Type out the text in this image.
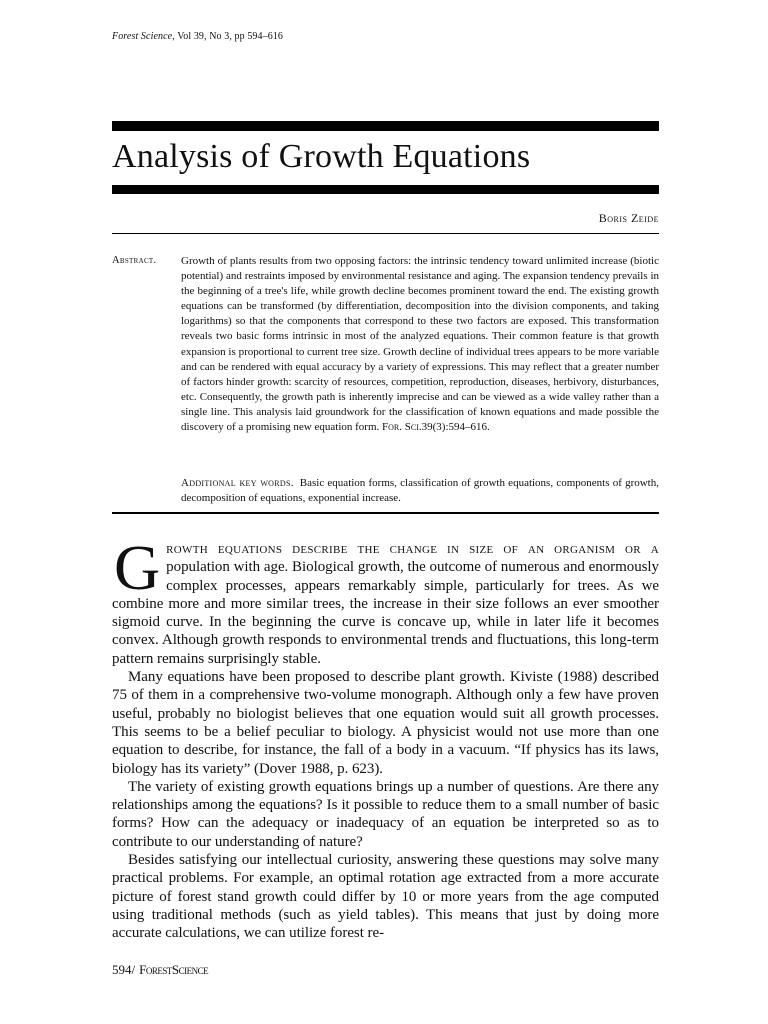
Forest Science, Vol 39, No 3, pp 594–616
Analysis of Growth Equations
Boris Zeide
Abstract. Growth of plants results from two opposing factors: the intrinsic tendency toward unlimited increase (biotic potential) and restraints imposed by environmental resistance and aging. The expansion tendency prevails in the beginning of a tree's life, while growth decline becomes prominent toward the end. The existing growth equations can be transformed (by differentiation, decomposition into the division components, and taking logarithms) so that the components that correspond to these two factors are exposed. This transformation reveals two basic forms intrinsic in most of the analyzed equations. Their common feature is that growth expansion is proportional to current tree size. Growth decline of individual trees appears to be more variable and can be rendered with equal accuracy by a variety of expressions. This may reflect that a greater number of factors hinder growth: scarcity of resources, competition, reproduction, diseases, herbivory, disturbances, etc. Consequently, the growth path is inherently imprecise and can be viewed as a wide valley rather than a single line. This analysis laid groundwork for the classification of known equations and made possible the discovery of a promising new equation form. For. Sci.39(3):594–616.
Additional key words. Basic equation forms, classification of growth equations, components of growth, decomposition of equations, exponential increase.

Growth equations describe the change in size of an organism or a population with age. Biological growth, the outcome of numerous and enormously complex processes, appears remarkably simple, particularly for trees. As we combine more and more similar trees, the increase in their size follows an ever smoother sigmoid curve. In the beginning the curve is concave up, while in later life it becomes convex. Although growth responds to environmental trends and fluctuations, this long-term pattern remains surprisingly stable.

Many equations have been proposed to describe plant growth. Kiviste (1988) described 75 of them in a comprehensive two-volume monograph. Although only a few have proven useful, probably no biologist believes that one equation would suit all growth processes. This seems to be a belief peculiar to biology. A physicist would not use more than one equation to describe, for instance, the fall of a body in a vacuum. “If physics has its laws, biology has its variety” (Dover 1988, p. 623).

The variety of existing growth equations brings up a number of questions. Are there any relationships among the equations? Is it possible to reduce them to a small number of basic forms? How can the adequacy or inadequacy of an equation be interpreted so as to contribute to our understanding of nature?

Besides satisfying our intellectual curiosity, answering these questions may solve many practical problems. For example, an optimal rotation age extracted from a more accurate picture of forest stand growth could differ by 10 or more years from the age computed using traditional methods (such as yield tables). This means that just by doing more accurate calculations, we can utilize forest re-

594/ ForestScience
